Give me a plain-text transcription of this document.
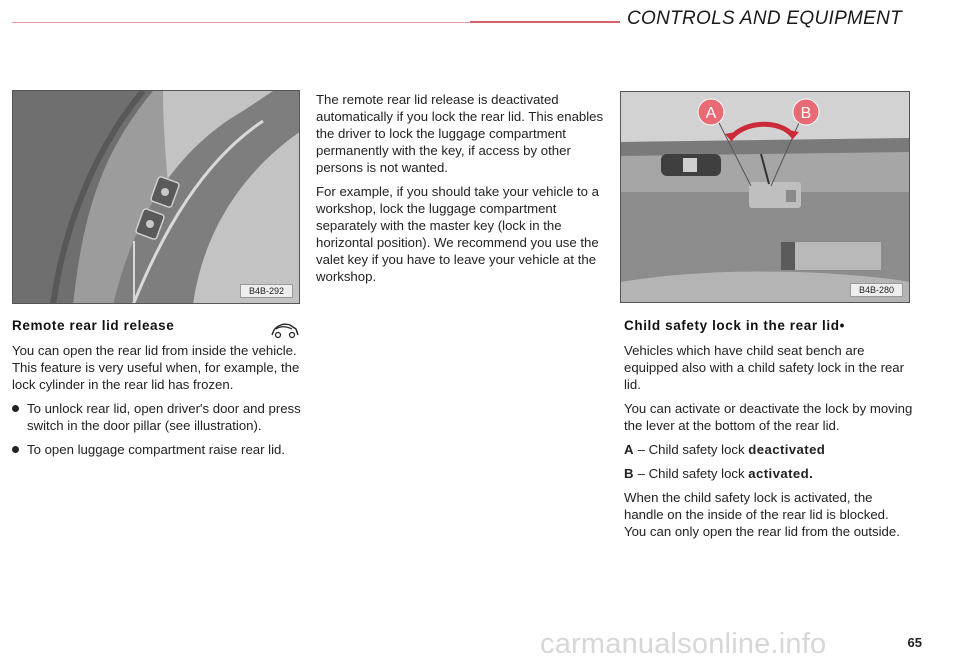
CONTROLS AND EQUIPMENT
B4B-292
A	B
B4B-280
Remote rear lid release

You can open the rear lid from inside the vehicle. This feature is very useful when, for example, the lock cylinder in the rear lid has frozen.

To unlock rear lid, open driver's door and press switch in the door pillar (see illustration).
To open luggage compartment raise rear lid.

The remote rear lid release is deactivated automatically if you lock the rear lid. This enables the driver to lock the luggage compartment permanently with the key, if access by other persons is not wanted.

For example, if you should take your vehicle to a workshop, lock the luggage compartment separately with the master key (lock in the horizontal position). We recommend you use the valet key if you have to leave your vehicle at the workshop.

Child safety lock in the rear lid•

Vehicles which have child seat bench are equipped also with a child safety lock in the rear lid.

You can activate or deactivate the lock by moving the lever at the bottom of the rear lid.

A – Child safety lock deactivated

B – Child safety lock activated.

When the child safety lock is activated, the handle on the inside of the rear lid is blocked. You can only open the rear lid from the outside.

carmanualsonline.info	65
